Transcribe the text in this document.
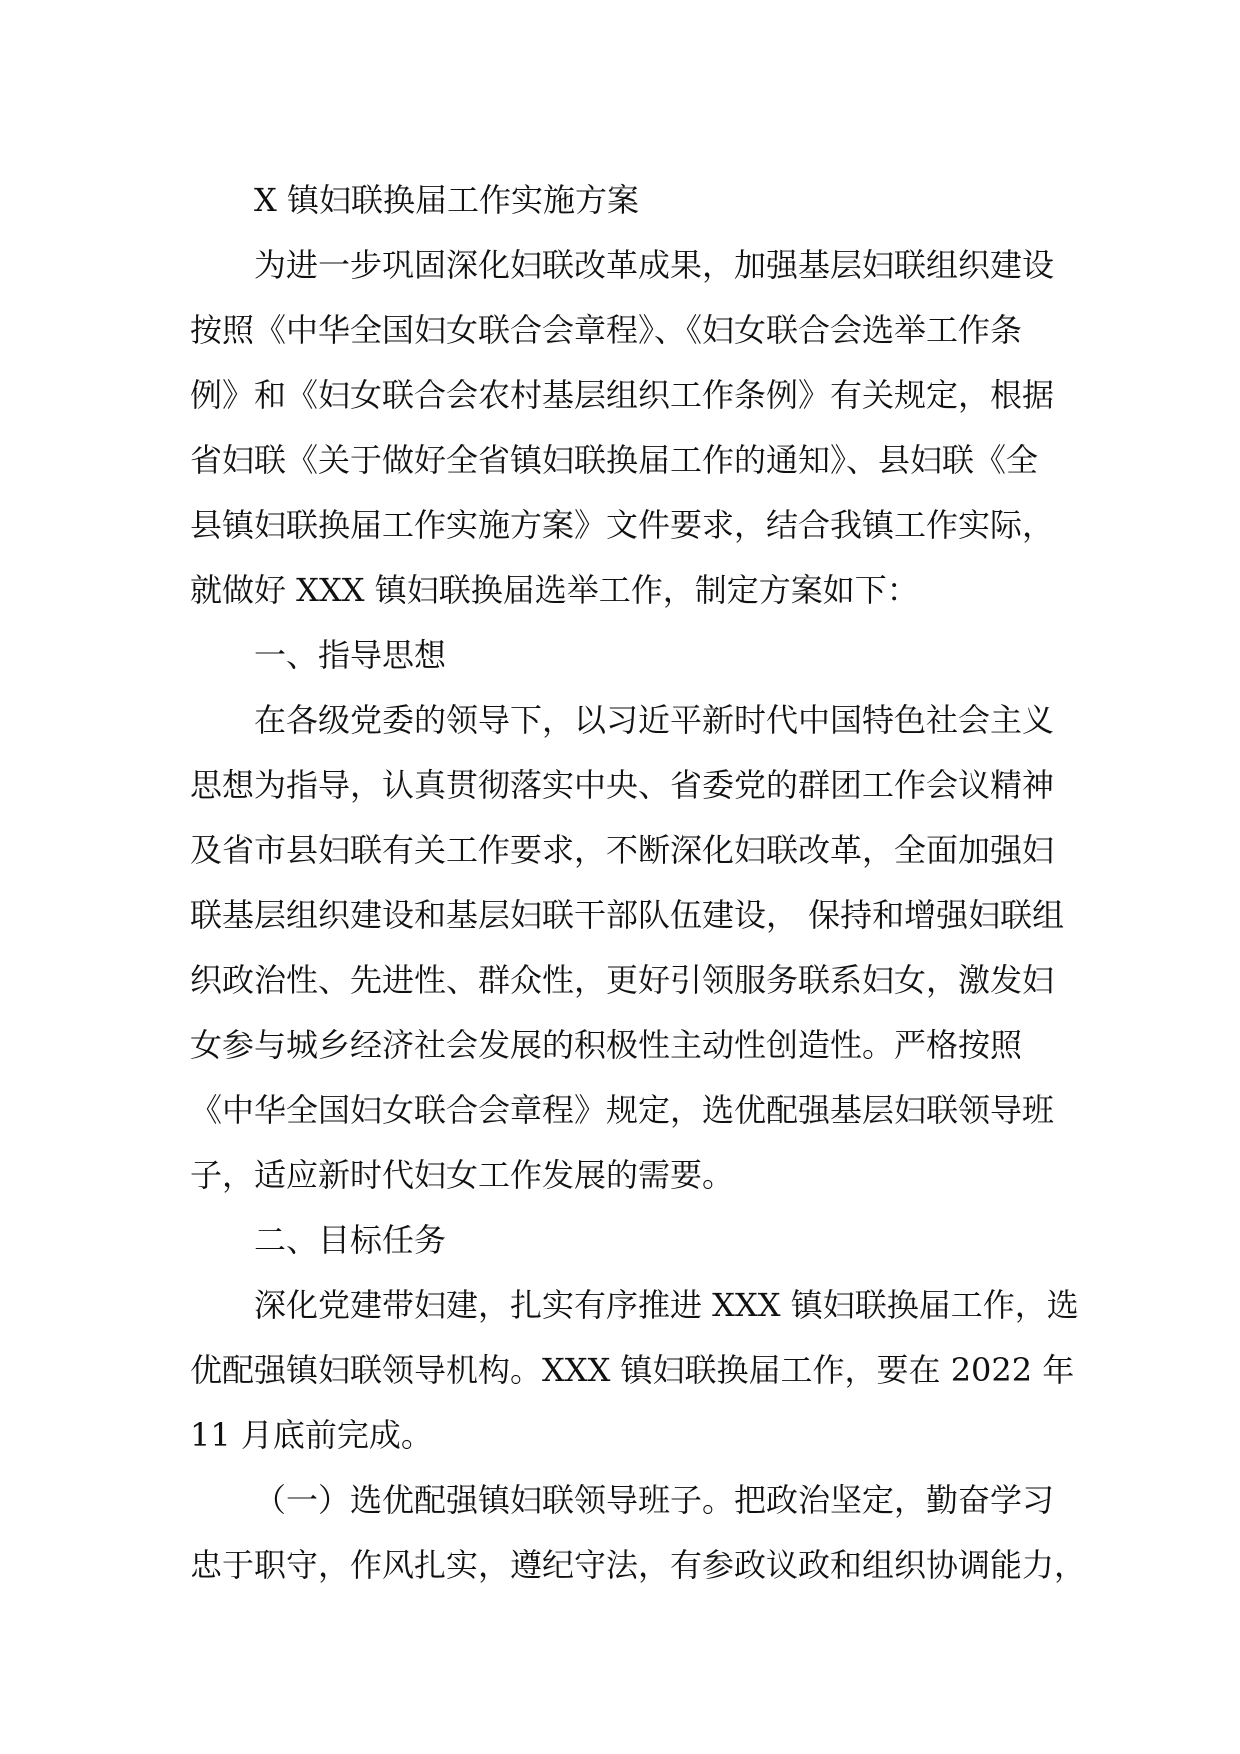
X 镇妇联换届工作实施方案
为进一步巩固深化妇联改革成果，加强基层妇联组织建设
按照《中华全国妇女联合会章程》、《妇女联合会选举工作条
例》和《妇女联合会农村基层组织工作条例》有关规定，根据
省妇联《关于做好全省镇妇联换届工作的通知》、县妇联《全
县镇妇联换届工作实施方案》文件要求，结合我镇工作实际，
就做好 XXX 镇妇联换届选举工作，制定方案如下：
一、指导思想
在各级党委的领导下，以习近平新时代中国特色社会主义
思想为指导，认真贯彻落实中央、省委党的群团工作会议精神
及省市县妇联有关工作要求，不断深化妇联改革，全面加强妇
联基层组织建设和基层妇联干部队伍建设， 保持和增强妇联组
织政治性、先进性、群众性，更好引领服务联系妇女，激发妇
女参与城乡经济社会发展的积极性主动性创造性。严格按照
《中华全国妇女联合会章程》规定，选优配强基层妇联领导班
子，适应新时代妇女工作发展的需要。
二、目标任务
深化党建带妇建，扎实有序推进 XXX 镇妇联换届工作，选
优配强镇妇联领导机构。XXX 镇妇联换届工作，要在 2022 年
11 月底前完成。
（一）选优配强镇妇联领导班子。把政治坚定，勤奋学习
忠于职守，作风扎实，遵纪守法，有参政议政和组织协调能力，
